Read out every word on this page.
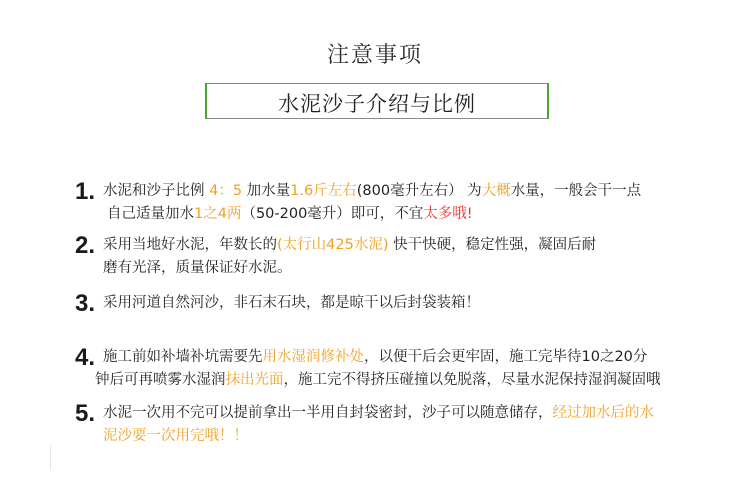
注意事项
水泥沙子介绍与比例
1. 水泥和沙子比例 4：5 加水量1.6斤左右(800毫升左右） 为大概水量，一般会干一点
自己适量加水1之4两（50-200毫升）即可，不宜太多哦!
2. 采用当地好水泥，年数长的(太行山425水泥) 快干快硬，稳定性强，凝固后耐
磨有光泽，质量保证好水泥。
3. 采用河道自然河沙，非石末石块，都是晾干以后封袋装箱！
4. 施工前如补墙补坑需要先用水湿润修补处，以便干后会更牢固，施工完毕待10之20分
钟后可再喷雾水湿润抹出光面，施工完不得挤压碰撞以免脱落，尽量水泥保持湿润凝固哦
5. 水泥一次用不完可以提前拿出一半用自封袋密封，沙子可以随意储存，经过加水后的水
泥沙要一次用完哦！！
